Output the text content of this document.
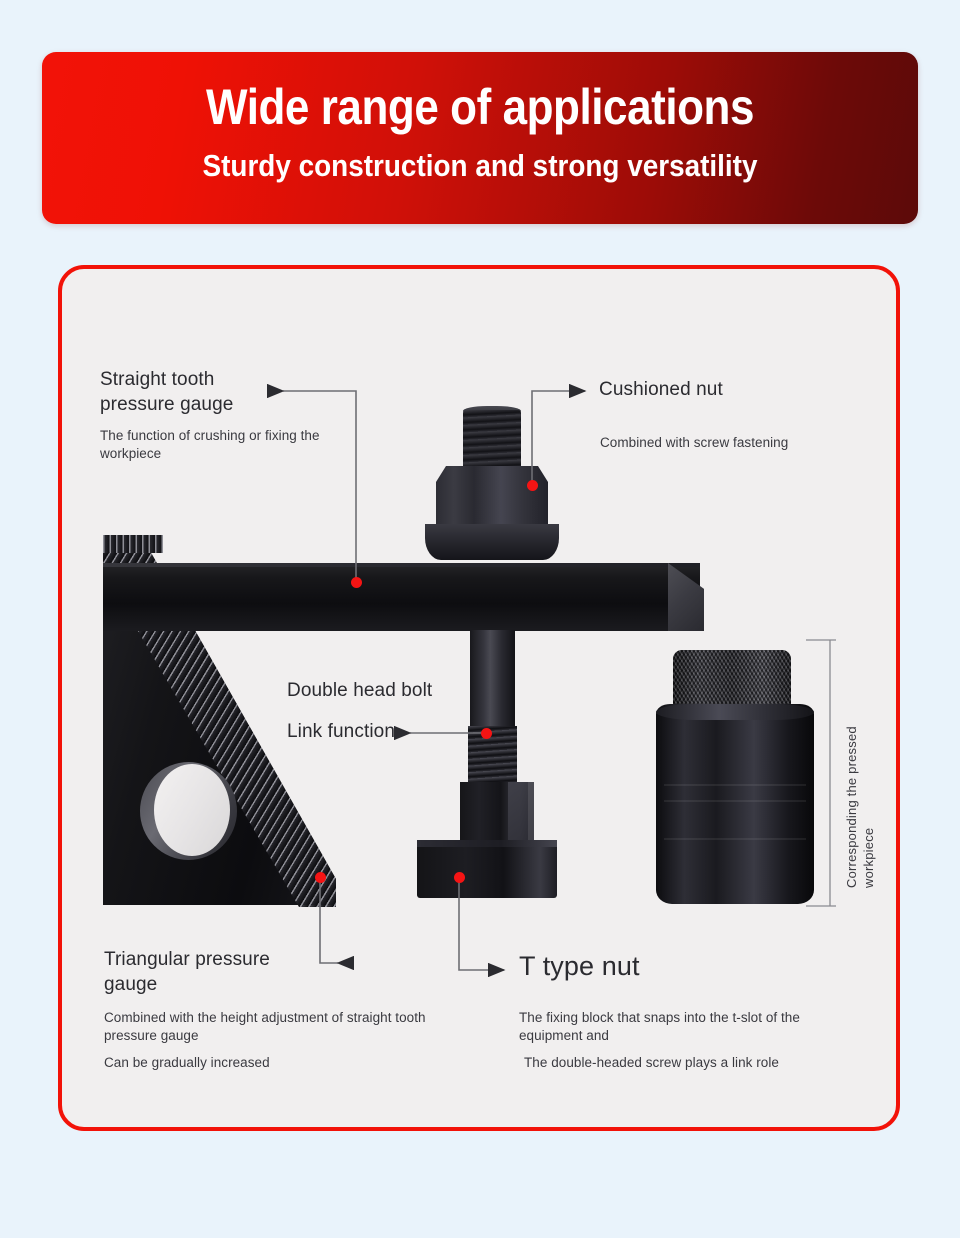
Wide range of applications
Sturdy construction and strong versatility
Straight tooth
pressure gauge
The function of crushing or fixing the
workpiece
Cushioned nut
Combined with screw fastening
Double head bolt
Link function
Triangular pressure
gauge
Combined with the height adjustment of straight tooth
pressure gauge
Can be gradually increased
T type nut
The fixing block that snaps into the t-slot of the
equipment and
The double-headed screw plays a link role
Corresponding the pressed
workpiece
